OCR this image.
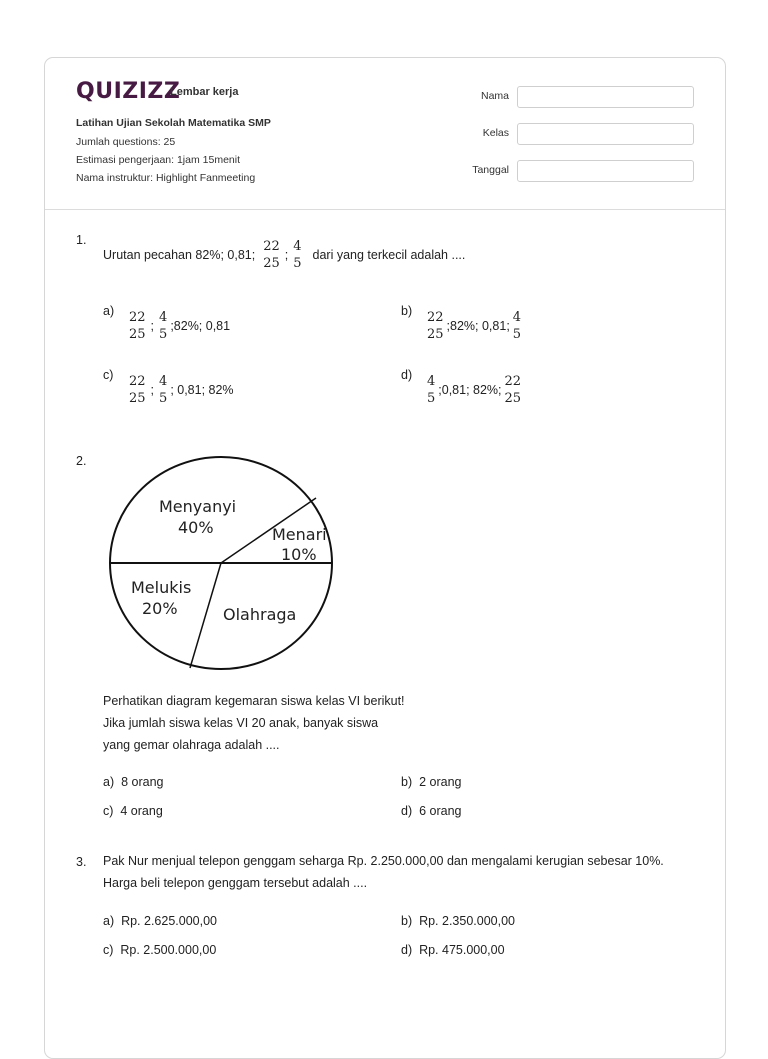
QUIZIZZ
Lembar kerja
Latihan Ujian Sekolah Matematika SMP
Jumlah questions: 25
Estimasi pengerjaan: 1jam 15menit
Nama instruktur: Highlight Fanmeeting
Nama
Kelas
Tanggal
1.
Urutan pecahan 82%; 0,81;
22
25
;
4
5
dari yang terkecil adalah ....
a) 22
25
;
4
5
;82%; 0,81
b) 22
25
;82%; 0,81;
4
5
c) 22
25
;
4
5
; 0,81; 82%
d) 4
5
;0,81; 82%;
22
25
2.
Menyanyi
40%	Menari
10%
Melukis
20%	Olahraga
Perhatikan diagram kegemaran siswa kelas VI berikut!
Jika jumlah siswa kelas VI 20 anak, banyak siswa
yang gemar olahraga adalah ....
a) 8 orang	b) 2 orang
c) 4 orang	d) 6 orang
3. Pak Nur menjual telepon genggam seharga Rp. 2.250.000,00 dan mengalami kerugian sebesar 10%.
Harga beli telepon genggam tersebut adalah ....
a) Rp. 2.625.000,00	b) Rp. 2.350.000,00
c) Rp. 2.500.000,00	d) Rp. 475.000,00
